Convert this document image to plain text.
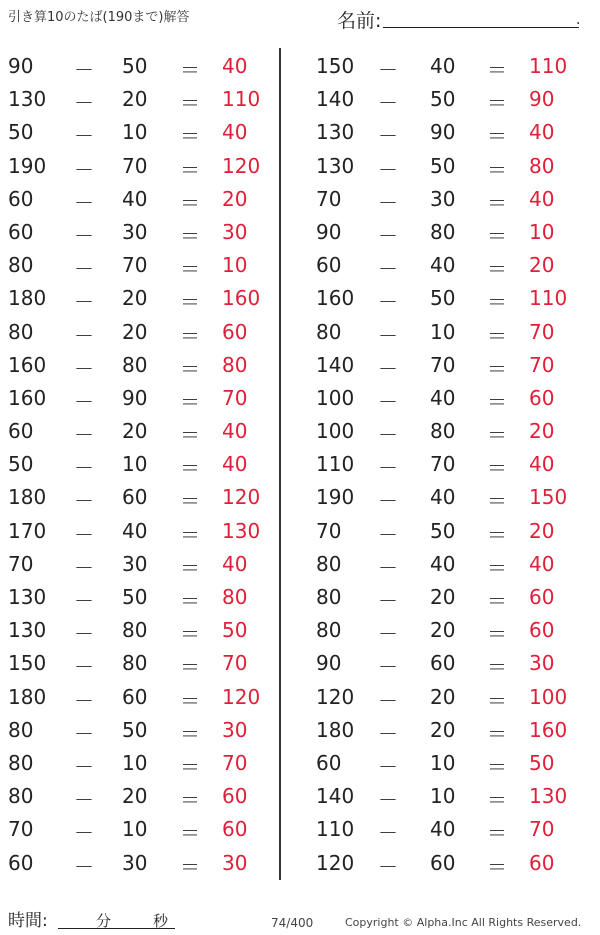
引き算10のたば(190まで)解答	名前:	.
90 － 50 ＝ 40
130 － 20 ＝ 110
50 － 10 ＝ 40
190 － 70 ＝ 120
60 － 40 ＝ 20
60 － 30 ＝ 30
80 － 70 ＝ 10
180 － 20 ＝ 160
80 － 20 ＝ 60
160 － 80 ＝ 80
160 － 90 ＝ 70
60 － 20 ＝ 40
50 － 10 ＝ 40
180 － 60 ＝ 120
170 － 40 ＝ 130
70 － 30 ＝ 40
130 － 50 ＝ 80
130 － 80 ＝ 50
150 － 80 ＝ 70
180 － 60 ＝ 120
80 － 50 ＝ 30
80 － 10 ＝ 70
80 － 20 ＝ 60
70 － 10 ＝ 60
60 － 30 ＝ 30
150 － 40 ＝ 110
140 － 50 ＝ 90
130 － 90 ＝ 40
130 － 50 ＝ 80
70 － 30 ＝ 40
90 － 80 ＝ 10
60 － 40 ＝ 20
160 － 50 ＝ 110
80 － 10 ＝ 70
140 － 70 ＝ 70
100 － 40 ＝ 60
100 － 80 ＝ 20
110 － 70 ＝ 40
190 － 40 ＝ 150
70 － 50 ＝ 20
80 － 40 ＝ 40
80 － 20 ＝ 60
80 － 20 ＝ 60
90 － 60 ＝ 30
120 － 20 ＝ 100
180 － 20 ＝ 160
60 － 10 ＝ 50
140 － 10 ＝ 130
110 － 40 ＝ 70
120 － 60 ＝ 60
時間:	分	秒	74/400	Copyright © Alpha.Inc All Rights Reserved.
